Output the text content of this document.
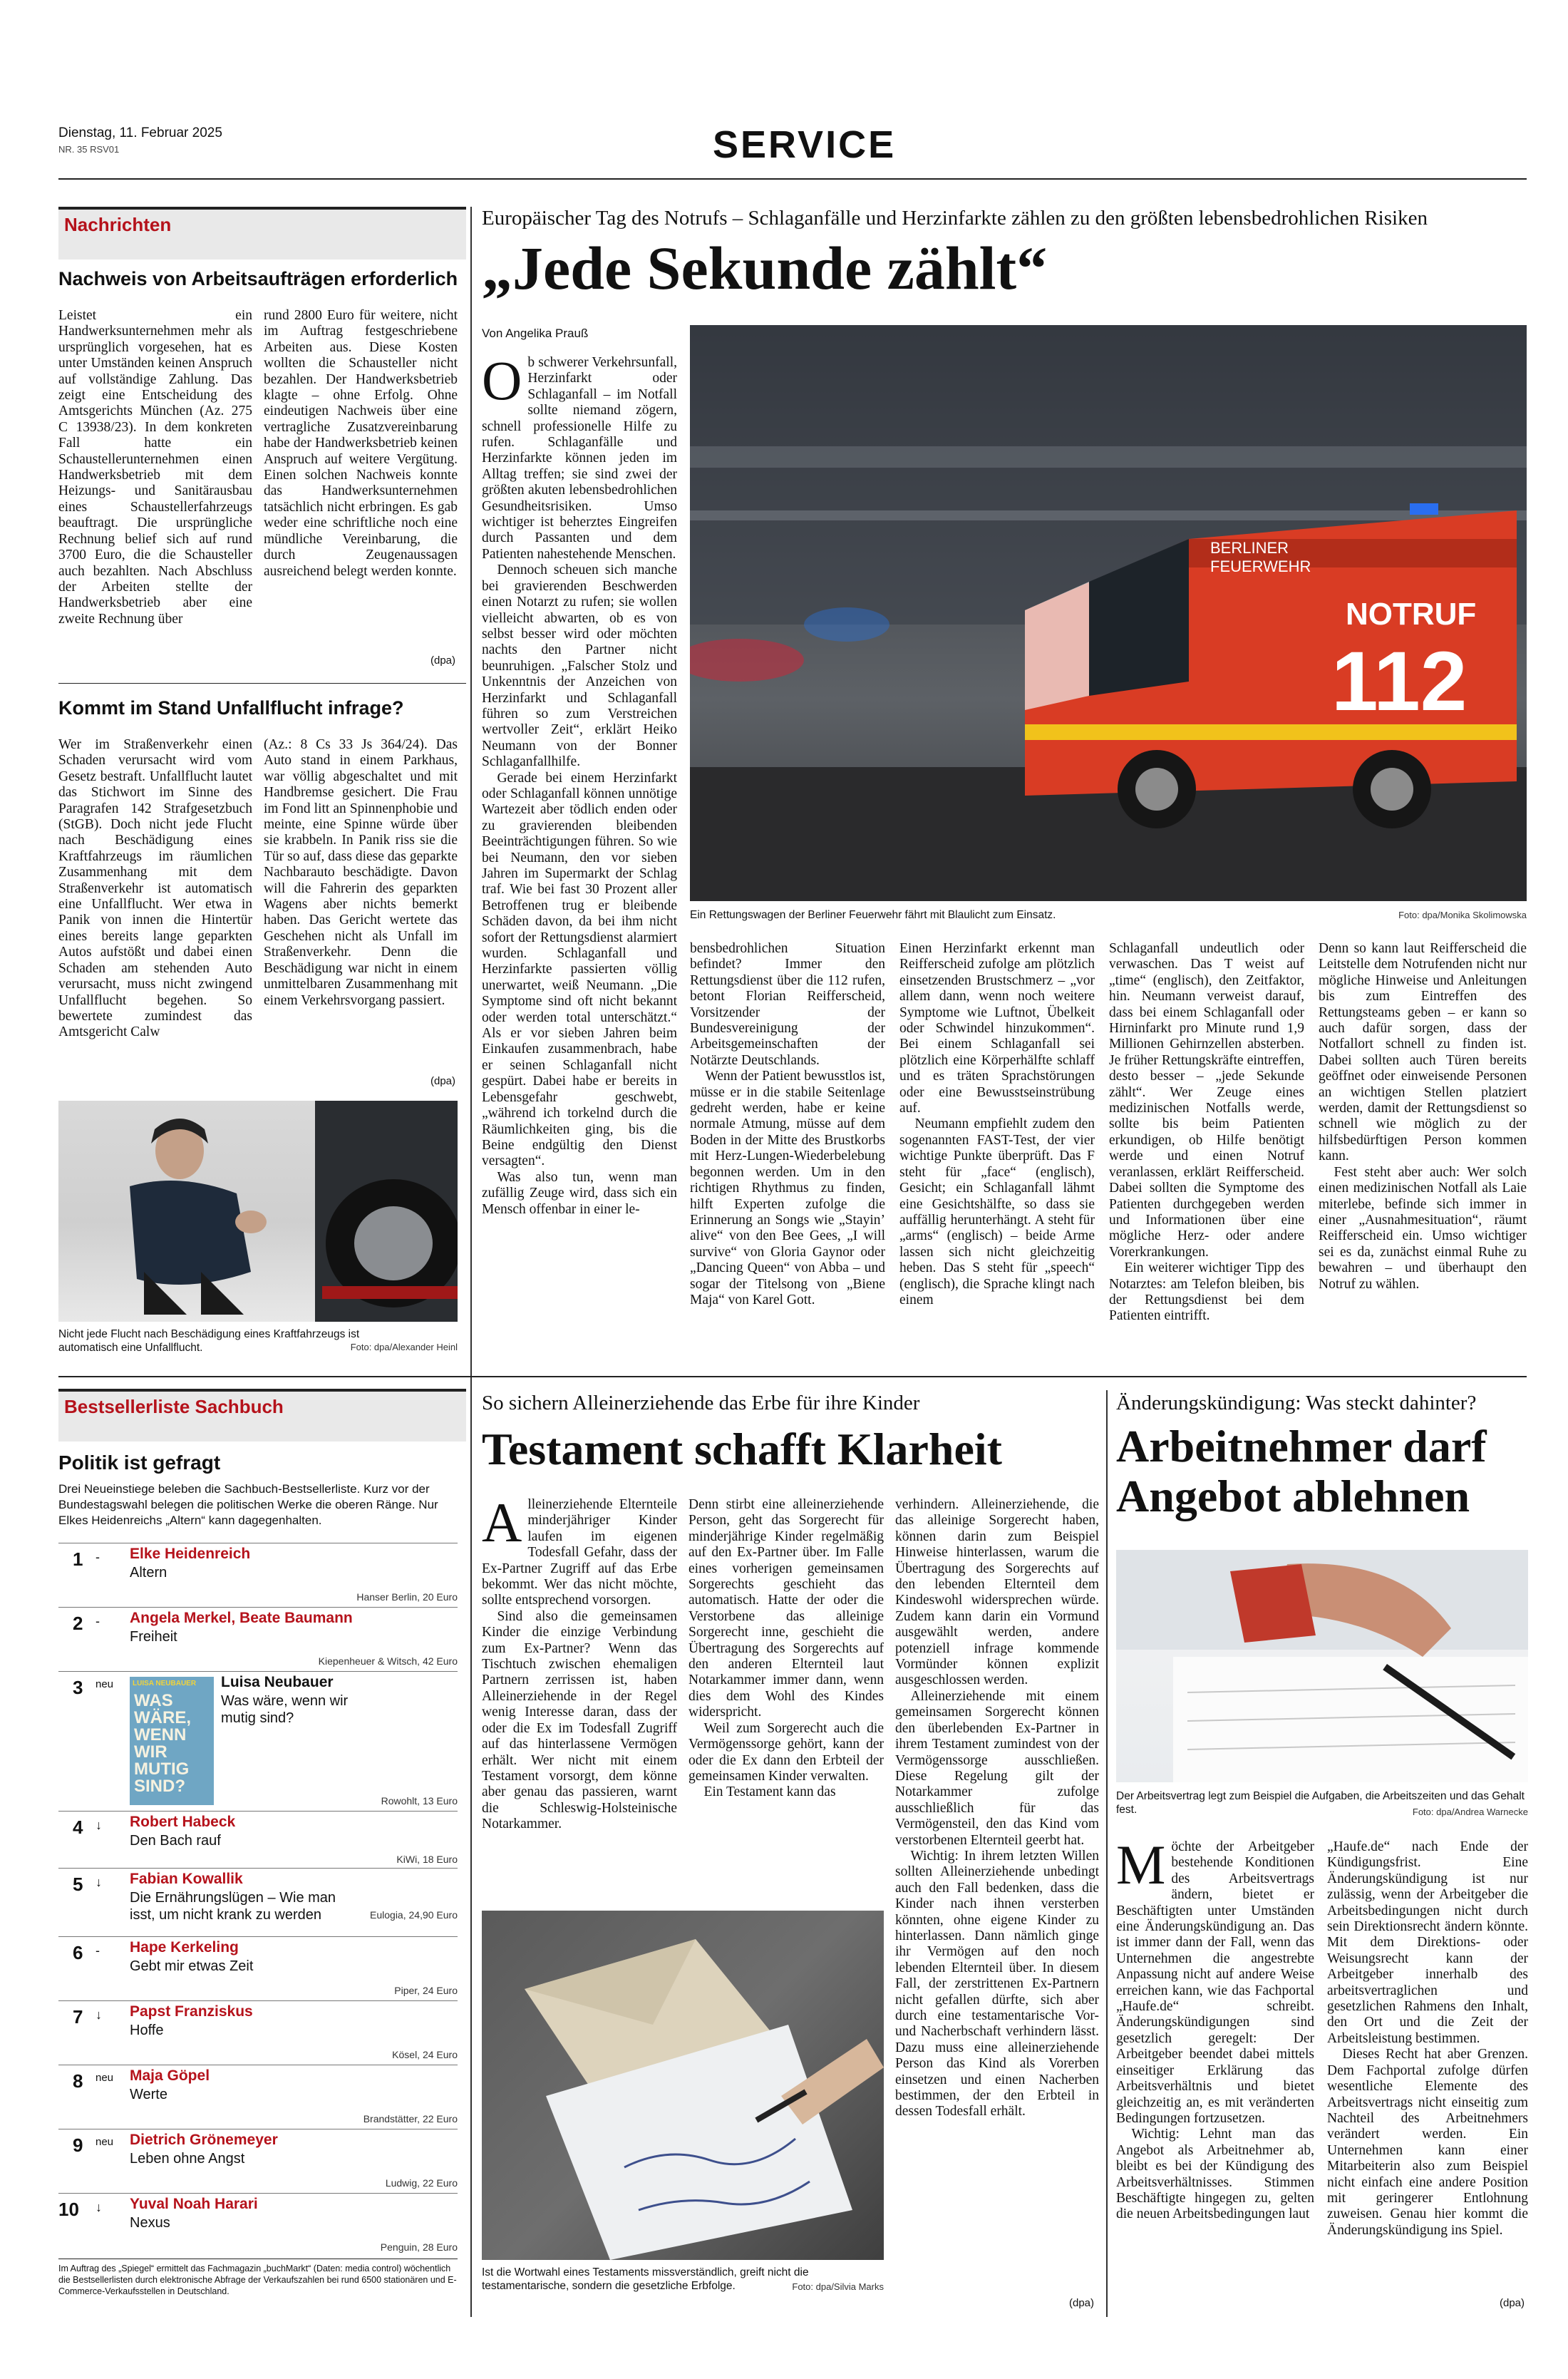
Dienstag, 11. Februar 2025
NR. 35 RSV01	SERVICE
Nachrichten
Nachweis von Arbeitsaufträgen erforderlich

Leistet ein Handwerksunternehmen mehr als ursprünglich vorgesehen, hat es unter Umständen keinen Anspruch auf vollständige Zahlung. Das zeigt eine Entscheidung des Amtsgerichts München (Az. 275 C 13938/23). In dem konkreten Fall hatte ein Schaustellerunternehmen einen Handwerksbetrieb mit dem Heizungs- und Sanitärausbau eines Schaustellerfahrzeugs beauftragt. Die ursprüngliche Rechnung belief sich auf rund 3700 Euro, die die Schausteller auch bezahlten. Nach Abschluss der Arbeiten stellte der Handwerksbetrieb aber eine zweite Rechnung über

rund 2800 Euro für weitere, nicht im Auftrag festgeschriebene Arbeiten aus. Diese Kosten wollten die Schausteller nicht bezahlen. Der Handwerksbetrieb klagte – ohne Erfolg. Ohne eindeutigen Nachweis über eine vertragliche Zusatzvereinbarung habe der Handwerksbetrieb keinen Anspruch auf weitere Vergütung. Einen solchen Nachweis konnte das Handwerksunternehmen tatsächlich nicht erbringen. Es gab weder eine schriftliche noch eine mündliche Vereinbarung, die durch Zeugenaussagen ausreichend belegt werden konnte.

(dpa)
Kommt im Stand Unfallflucht infrage?

Wer im Straßenverkehr einen Schaden verursacht wird vom Gesetz bestraft. Unfallflucht lautet das Stichwort im Sinne des Paragrafen 142 Strafgesetzbuch (StGB). Doch nicht jede Flucht nach Beschädigung eines Kraftfahrzeugs im räumlichen Zusammenhang mit dem Straßenverkehr ist automatisch eine Unfallflucht. Wer etwa in Panik von innen die Hintertür eines bereits lange geparkten Autos aufstößt und dabei einen Schaden am stehenden Auto verursacht, muss nicht zwingend Unfallflucht begehen. So bewertete zumindest das Amtsgericht Calw

(Az.: 8 Cs 33 Js 364/24). Das Auto stand in einem Parkhaus, war völlig abgeschaltet und mit Handbremse gesichert. Die Frau im Fond litt an Spinnenphobie und meinte, eine Spinne würde über sie krabbeln. In Panik riss sie die Tür so auf, dass diese das geparkte Nachbarauto beschädigte. Davon will die Fahrerin des geparkten Wagens aber nichts bemerkt haben. Das Gericht wertete das Geschehen nicht als Unfall im Straßenverkehr. Denn die Beschädigung war nicht in einem unmittelbaren Zusammenhang mit einem Verkehrsvorgang passiert.

(dpa)
Nicht jede Flucht nach Beschädigung eines Kraftfahrzeugs ist automatisch eine Unfallflucht.	Foto: dpa/Alexander Heinl
Europäischer Tag des Notrufs – Schlaganfälle und Herzinfarkte zählen zu den größten lebensbedrohlichen Risiken
„Jede Sekunde zählt“
Von Angelika Prauß

Ob schwerer Verkehrsunfall, Herzinfarkt oder Schlaganfall – im Notfall sollte niemand zögern, schnell professionelle Hilfe zu rufen. Schlaganfälle und Herzinfarkte können jeden im Alltag treffen; sie sind zwei der größten akuten lebensbedrohlichen Gesundheitsrisiken. Umso wichtiger ist beherztes Eingreifen durch Passanten und dem Patienten nahestehende Menschen.

Dennoch scheuen sich manche bei gravierenden Beschwerden einen Notarzt zu rufen; sie wollen vielleicht abwarten, ob es von selbst besser wird oder möchten nachts den Partner nicht beunruhigen. „Falscher Stolz und Unkenntnis der Anzeichen von Herzinfarkt und Schlaganfall führen so zum Verstreichen wertvoller Zeit“, erklärt Heiko Neumann von der Bonner Schlaganfallhilfe.

Gerade bei einem Herzinfarkt oder Schlaganfall können unnötige Wartezeit aber tödlich enden oder zu gravierenden bleibenden Beeinträchtigungen führen. So wie bei Neumann, den vor sieben Jahren im Supermarkt der Schlag traf. Wie bei fast 30 Prozent aller Betroffenen trug er bleibende Schäden davon, da bei ihm nicht sofort der Rettungsdienst alarmiert wurden. Schlaganfall und Herzinfarkte passierten völlig unerwartet, weiß Neumann. „Die Symptome sind oft nicht bekannt oder werden total unterschätzt.“ Als er vor sieben Jahren beim Einkaufen zusammenbrach, habe er seinen Schlaganfall nicht gespürt. Dabei habe er bereits in Lebensgefahr geschwebt, „während ich torkelnd durch die Räumlichkeiten ging, bis die Beine endgültig den Dienst versagten“.

Was also tun, wenn man zufällig Zeuge wird, dass sich ein Mensch offenbar in einer le-

BERLINER
FEUERWEHR
NOTRUF
112
Ein Rettungswagen der Berliner Feuerwehr fährt mit Blaulicht zum Einsatz.	Foto: dpa/Monika Skolimowska

bensbedrohlichen Situation befindet? Immer den Rettungsdienst über die 112 rufen, betont Florian Reifferscheid, Vorsitzender der Bundesvereinigung der Arbeitsgemeinschaften der Notärzte Deutschlands.

Wenn der Patient bewusstlos ist, müsse er in die stabile Seitenlage gedreht werden, habe er keine normale Atmung, müsse auf dem Boden in der Mitte des Brustkorbs mit Herz-Lungen-Wiederbelebung begonnen werden. Um in den richtigen Rhythmus zu finden, hilft Experten zufolge die Erinnerung an Songs wie „Stayin’ alive“ von den Bee Gees, „I will survive“ von Gloria Gaynor oder „Dancing Queen“ von Abba – und sogar der Titelsong von „Biene Maja“ von Karel Gott.

Einen Herzinfarkt erkennt man Reifferscheid zufolge am plötzlich einsetzenden Brustschmerz – „vor allem dann, wenn noch weitere Symptome wie Luftnot, Übelkeit oder Schwindel hinzukommen“. Bei einem Schlaganfall sei plötzlich eine Körperhälfte schlaff und es träten Sprachstörungen oder eine Bewusstseinstrübung auf.

Neumann empfiehlt zudem den sogenannten FAST-Test, der vier wichtige Punkte überprüft. Das F steht für „face“ (englisch), Gesicht; ein Schlaganfall lähmt eine Gesichtshälfte, so dass sie auffällig herunterhängt. A steht für „arms“ (englisch) – beide Arme lassen sich nicht gleichzeitig heben. Das S steht für „speech“ (englisch), die Sprache klingt nach einem

Schlaganfall undeutlich oder verwaschen. Das T weist auf „time“ (englisch), den Zeitfaktor, hin. Neumann verweist darauf, dass bei einem Schlaganfall oder Hirninfarkt pro Minute rund 1,9 Millionen Gehirnzellen absterben. Je früher Rettungskräfte eintreffen, desto besser – „jede Sekunde zählt“. Wer Zeuge eines medizinischen Notfalls werde, sollte bis beim Patienten erkundigen, ob Hilfe benötigt werde und einen Notruf veranlassen, erklärt Reifferscheid. Dabei sollten die Symptome des Patienten durchgegeben werden und Informationen über eine mögliche Herz- oder andere Vorerkrankungen.

Ein weiterer wichtiger Tipp des Notarztes: am Telefon bleiben, bis der Rettungsdienst bei dem Patienten eintrifft.

Denn so kann laut Reifferscheid die Leitstelle dem Notrufenden nicht nur mögliche Hinweise und Anleitungen bis zum Eintreffen des Rettungsteams geben – er kann so auch dafür sorgen, dass der Notfallort schnell zu finden ist. Dabei sollten auch Türen bereits geöffnet oder einweisende Personen an wichtigen Stellen platziert werden, damit der Rettungsdienst so schnell wie möglich zu der hilfsbedürftigen Person kommen kann.

Fest steht aber auch: Wer solch einen medizinischen Notfall als Laie miterlebe, befinde sich immer in einer „Ausnahmesituation“, räumt Reifferscheid ein. Umso wichtiger sei es da, zunächst einmal Ruhe zu bewahren – und überhaupt den Notruf zu wählen.

Bestsellerliste Sachbuch
Politik ist gefragt
Drei Neueinstiege beleben die Sachbuch-Bestsellerliste. Kurz vor der Bundestagswahl belegen die politischen Werke die oberen Ränge. Nur Elkes Heidenreichs „Altern“ kann dagegenhalten.
1 - Elke Heidenreich
Altern
Hanser Berlin, 20 Euro
2 - Angela Merkel, Beate Baumann
Freiheit
Kiepenheuer & Witsch, 42 Euro
3 neu	LUISA NEUBAUER
WAS WÄRE, WENN WIR MUTIG SIND?
Luisa Neubauer
Was wäre, wenn wir mutig sind?
Rowohlt, 13 Euro
4 ↓ Robert Habeck
Den Bach rauf
KiWi, 18 Euro
5 ↓ Fabian Kowallik
Die Ernährungslügen – Wie man isst, um nicht krank zu werden	Eulogia, 24,90 Euro
6 - Hape Kerkeling
Gebt mir etwas Zeit
Piper, 24 Euro
7 ↓ Papst Franziskus
Hoffe
Kösel, 24 Euro
8 neu Maja Göpel
Werte
Brandstätter, 22 Euro
9 neu Dietrich Grönemeyer
Leben ohne Angst
Ludwig, 22 Euro
10 ↓ Yuval Noah Harari
Nexus
Penguin, 28 Euro
Im Auftrag des „Spiegel“ ermittelt das Fachmagazin „buchMarkt“ (Daten: media control) wöchentlich die Bestsellerlisten durch elektronische Abfrage der Verkaufszahlen bei rund 6500 stationären und E-Commerce-Verkaufsstellen in Deutschland.
So sichern Alleinerziehende das Erbe für ihre Kinder
Testament schafft Klarheit

Alleinerziehende Elternteile minderjähriger Kinder laufen im eigenen Todesfall Gefahr, dass der Ex-Partner Zugriff auf das Erbe bekommt. Wer das nicht möchte, sollte entsprechend vorsorgen.

Sind also die gemeinsamen Kinder die einzige Verbindung zum Ex-Partner? Wenn das Tischtuch zwischen ehemaligen Partnern zerrissen ist, haben Alleinerziehende in der Regel wenig Interesse daran, dass der oder die Ex im Todesfall Zugriff auf das hinterlassene Vermögen erhält. Wer nicht mit einem Testament vorsorgt, dem könne aber genau das passieren, warnt die Schleswig-Holsteinische Notarkammer.

Denn stirbt eine alleinerziehende Person, geht das Sorgerecht für minderjährige Kinder regelmäßig auf den Ex-Partner über. Im Falle eines vorherigen gemeinsamen Sorgerechts geschieht das automatisch. Hatte der oder die Verstorbene das alleinige Sorgerecht inne, geschieht die Übertragung des Sorgerechts auf den anderen Elternteil laut Notarkammer immer dann, wenn dies dem Wohl des Kindes widerspricht.

Weil zum Sorgerecht auch die Vermögenssorge gehört, kann der oder die Ex dann den Erbteil der gemeinsamen Kinder verwalten.

Ein Testament kann das

verhindern. Alleinerziehende, die das alleinige Sorgerecht haben, können darin zum Beispiel Hinweise hinterlassen, warum die Übertragung des Sorgerechts auf den lebenden Elternteil dem Kindeswohl widersprechen würde. Zudem kann darin ein Vormund ausgewählt werden, andere potenziell infrage kommende Vormünder können explizit ausgeschlossen werden.

Alleinerziehende mit einem gemeinsamen Sorgerecht können den überlebenden Ex-Partner in ihrem Testament zumindest von der Vermögenssorge ausschließen. Diese Regelung gilt der Notarkammer zufolge ausschließlich für das Vermögensteil, den das Kind vom verstorbenen Elternteil geerbt hat.

Wichtig: In ihrem letzten Willen sollten Alleinerziehende unbedingt auch den Fall bedenken, dass die Kinder nach ihnen versterben könnten, ohne eigene Kinder zu hinterlassen. Dann nämlich ginge ihr Vermögen auf den noch lebenden Elternteil über. In diesem Fall, der zerstrittenen Ex-Partnern nicht gefallen dürfte, sich aber durch eine testamentarische Vor- und Nacherbschaft verhindern lässt. Dazu muss eine alleinerziehende Person das Kind als Vorerben einsetzen und einen Nacherben bestimmen, der den Erbteil in dessen Todesfall erhält.

(dpa)
Ist die Wortwahl eines Testaments missverständlich, greift nicht die testamentarische, sondern die gesetzliche Erbfolge.	Foto: dpa/Silvia Marks
Änderungskündigung: Was steckt dahinter?
Arbeitnehmer darf Angebot ablehnen
Der Arbeitsvertrag legt zum Beispiel die Aufgaben, die Arbeitszeiten und das Gehalt fest.	Foto: dpa/Andrea Warnecke

Möchte der Arbeitgeber bestehende Konditionen des Arbeitsvertrags ändern, bietet er Beschäftigten unter Umständen eine Änderungskündigung an. Das ist immer dann der Fall, wenn das Unternehmen die angestrebte Anpassung nicht auf andere Weise erreichen kann, wie das Fachportal „Haufe.de“ schreibt. Änderungskündigungen sind gesetzlich geregelt: Der Arbeitgeber beendet dabei mittels einseitiger Erklärung das Arbeitsverhältnis und bietet gleichzeitig an, es mit veränderten Bedingungen fortzusetzen.

Wichtig: Lehnt man das Angebot als Arbeitnehmer ab, bleibt es bei der Kündigung des Arbeitsverhältnisses. Stimmen Beschäftigte hingegen zu, gelten die neuen Arbeitsbedingungen laut

„Haufe.de“ nach Ende der Kündigungsfrist. Eine Änderungskündigung ist nur zulässig, wenn der Arbeitgeber die Arbeitsbedingungen nicht durch sein Direktionsrecht ändern könnte. Mit dem Direktions- oder Weisungsrecht kann der Arbeitgeber innerhalb des arbeitsvertraglichen und gesetzlichen Rahmens den Inhalt, den Ort und die Zeit der Arbeitsleistung bestimmen.

Dieses Recht hat aber Grenzen. Dem Fachportal zufolge dürfen wesentliche Elemente des Arbeitsvertrags nicht einseitig zum Nachteil des Arbeitnehmers verändert werden. Ein Unternehmen kann einer Mitarbeiterin also zum Beispiel nicht einfach eine andere Position mit geringerer Entlohnung zuweisen. Genau hier kommt die Änderungskündigung ins Spiel.

(dpa)
